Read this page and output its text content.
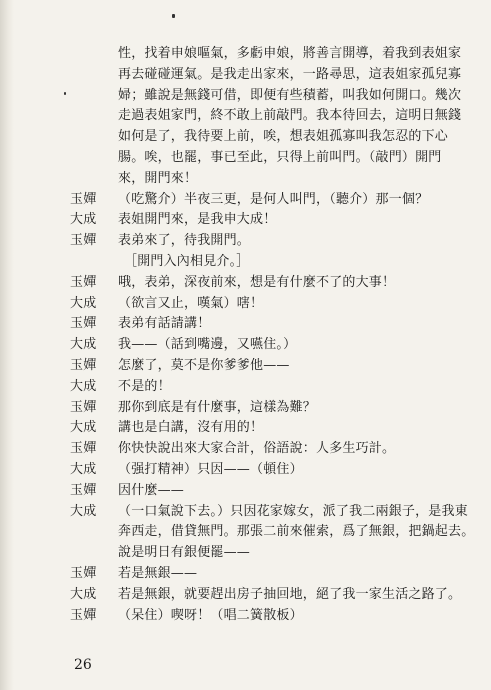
性，找着申娘嘔氣，多虧申娘，將善言開導，着我到表姐家
再去碰碰運氣。是我走出家來，一路尋思，這表姐家孤兒寡
婦；雖說是無錢可借，即便有些積蓄，叫我如何開口。幾次
走過表姐家門，終不敢上前敲門。我本待回去，這明日無錢
如何是了，我待要上前，唉，想表姐孤寡叫我怎忍的下心
腸。唉，也罷，事已至此，只得上前叫門。（敲門）開門
來，開門來！
玉嬋	（吃驚介）半夜三更，是何人叫門，（聽介）那一個？
大成	表姐開門來，是我申大成！
玉嬋	表弟來了，待我開門。
［開門入內相見介。］
玉嬋	哦，表弟，深夜前來，想是有什麼不了的大事！
大成	（欲言又止，嘆氣）嗐！
玉嬋	表弟有話請講！
大成	我——（話到嘴邊，又嚥住。）
玉嬋	怎麼了，莫不是你爹爹他——
大成	不是的！
玉嬋	那你到底是有什麼事，這樣為難？
大成	講也是白講，沒有用的！
玉嬋	你快快說出來大家合計，俗語說：人多生巧計。
大成	（强打精神）只因——（頓住）
玉嬋	因什麼——
大成	（一口氣說下去。）只因花家嫁女，派了我二兩銀子，是我東
奔西走，借貸無門。那張二前來催索，爲了無銀，把鍋起去。
說是明日有銀便罷——
玉嬋	若是無銀——
大成	若是無銀，就要趕出房子抽回地，絕了我一家生活之路了。
玉嬋	（呆住）喫呀！（唱二簧散板）
26
